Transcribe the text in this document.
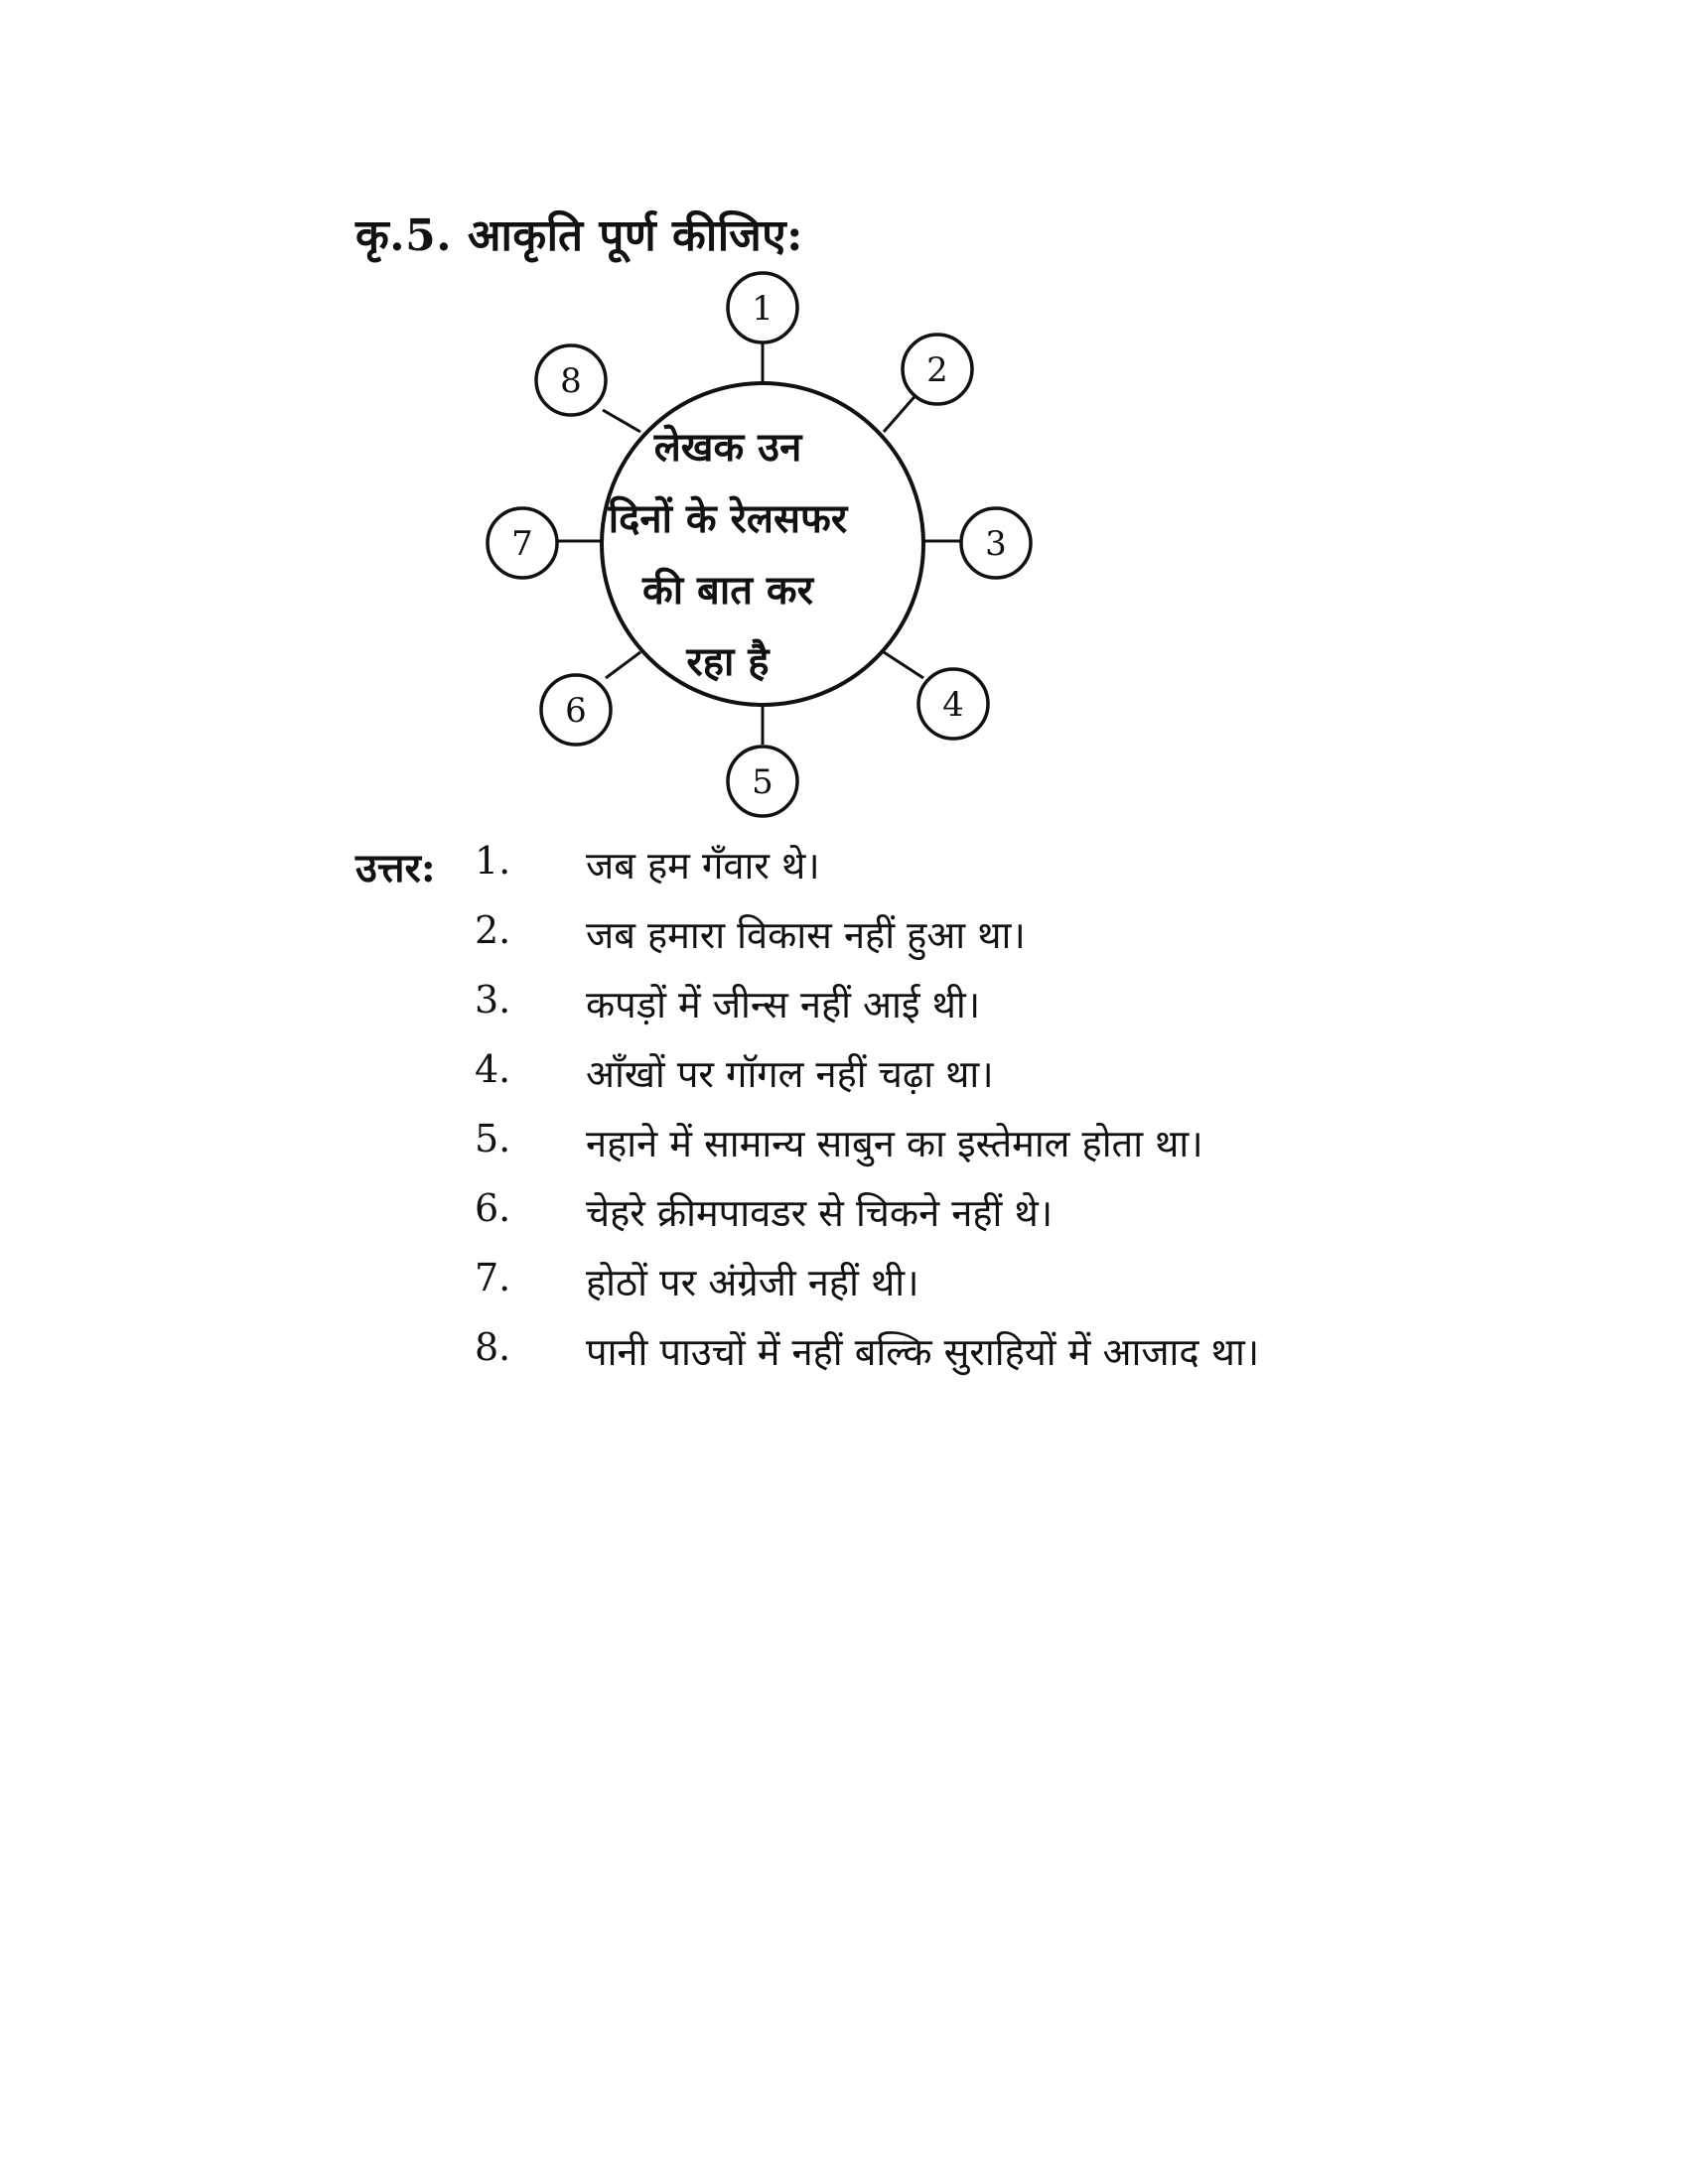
कृ.5. आकृति पूर्ण कीजिए:
1
2
3
4
5
6
7
8
लेखक उन
दिनों के रेलसफर
की बात कर
रहा है
उत्तर: 1.	जब हम गँवार थे।
2.	जब हमारा विकास नहीं हुआ था।
3.	कपड़ों में जीन्स नहीं आई थी।
4.	आँखों पर गॉगल नहीं चढ़ा था।
5.	नहाने में सामान्य साबुन का इस्तेमाल होता था।
6.	चेहरे क्रीमपावडर से चिकने नहीं थे।
7.	होठों पर अंग्रेजी नहीं थी।
8.	पानी पाउचों में नहीं बल्कि सुराहियों में आजाद था।
